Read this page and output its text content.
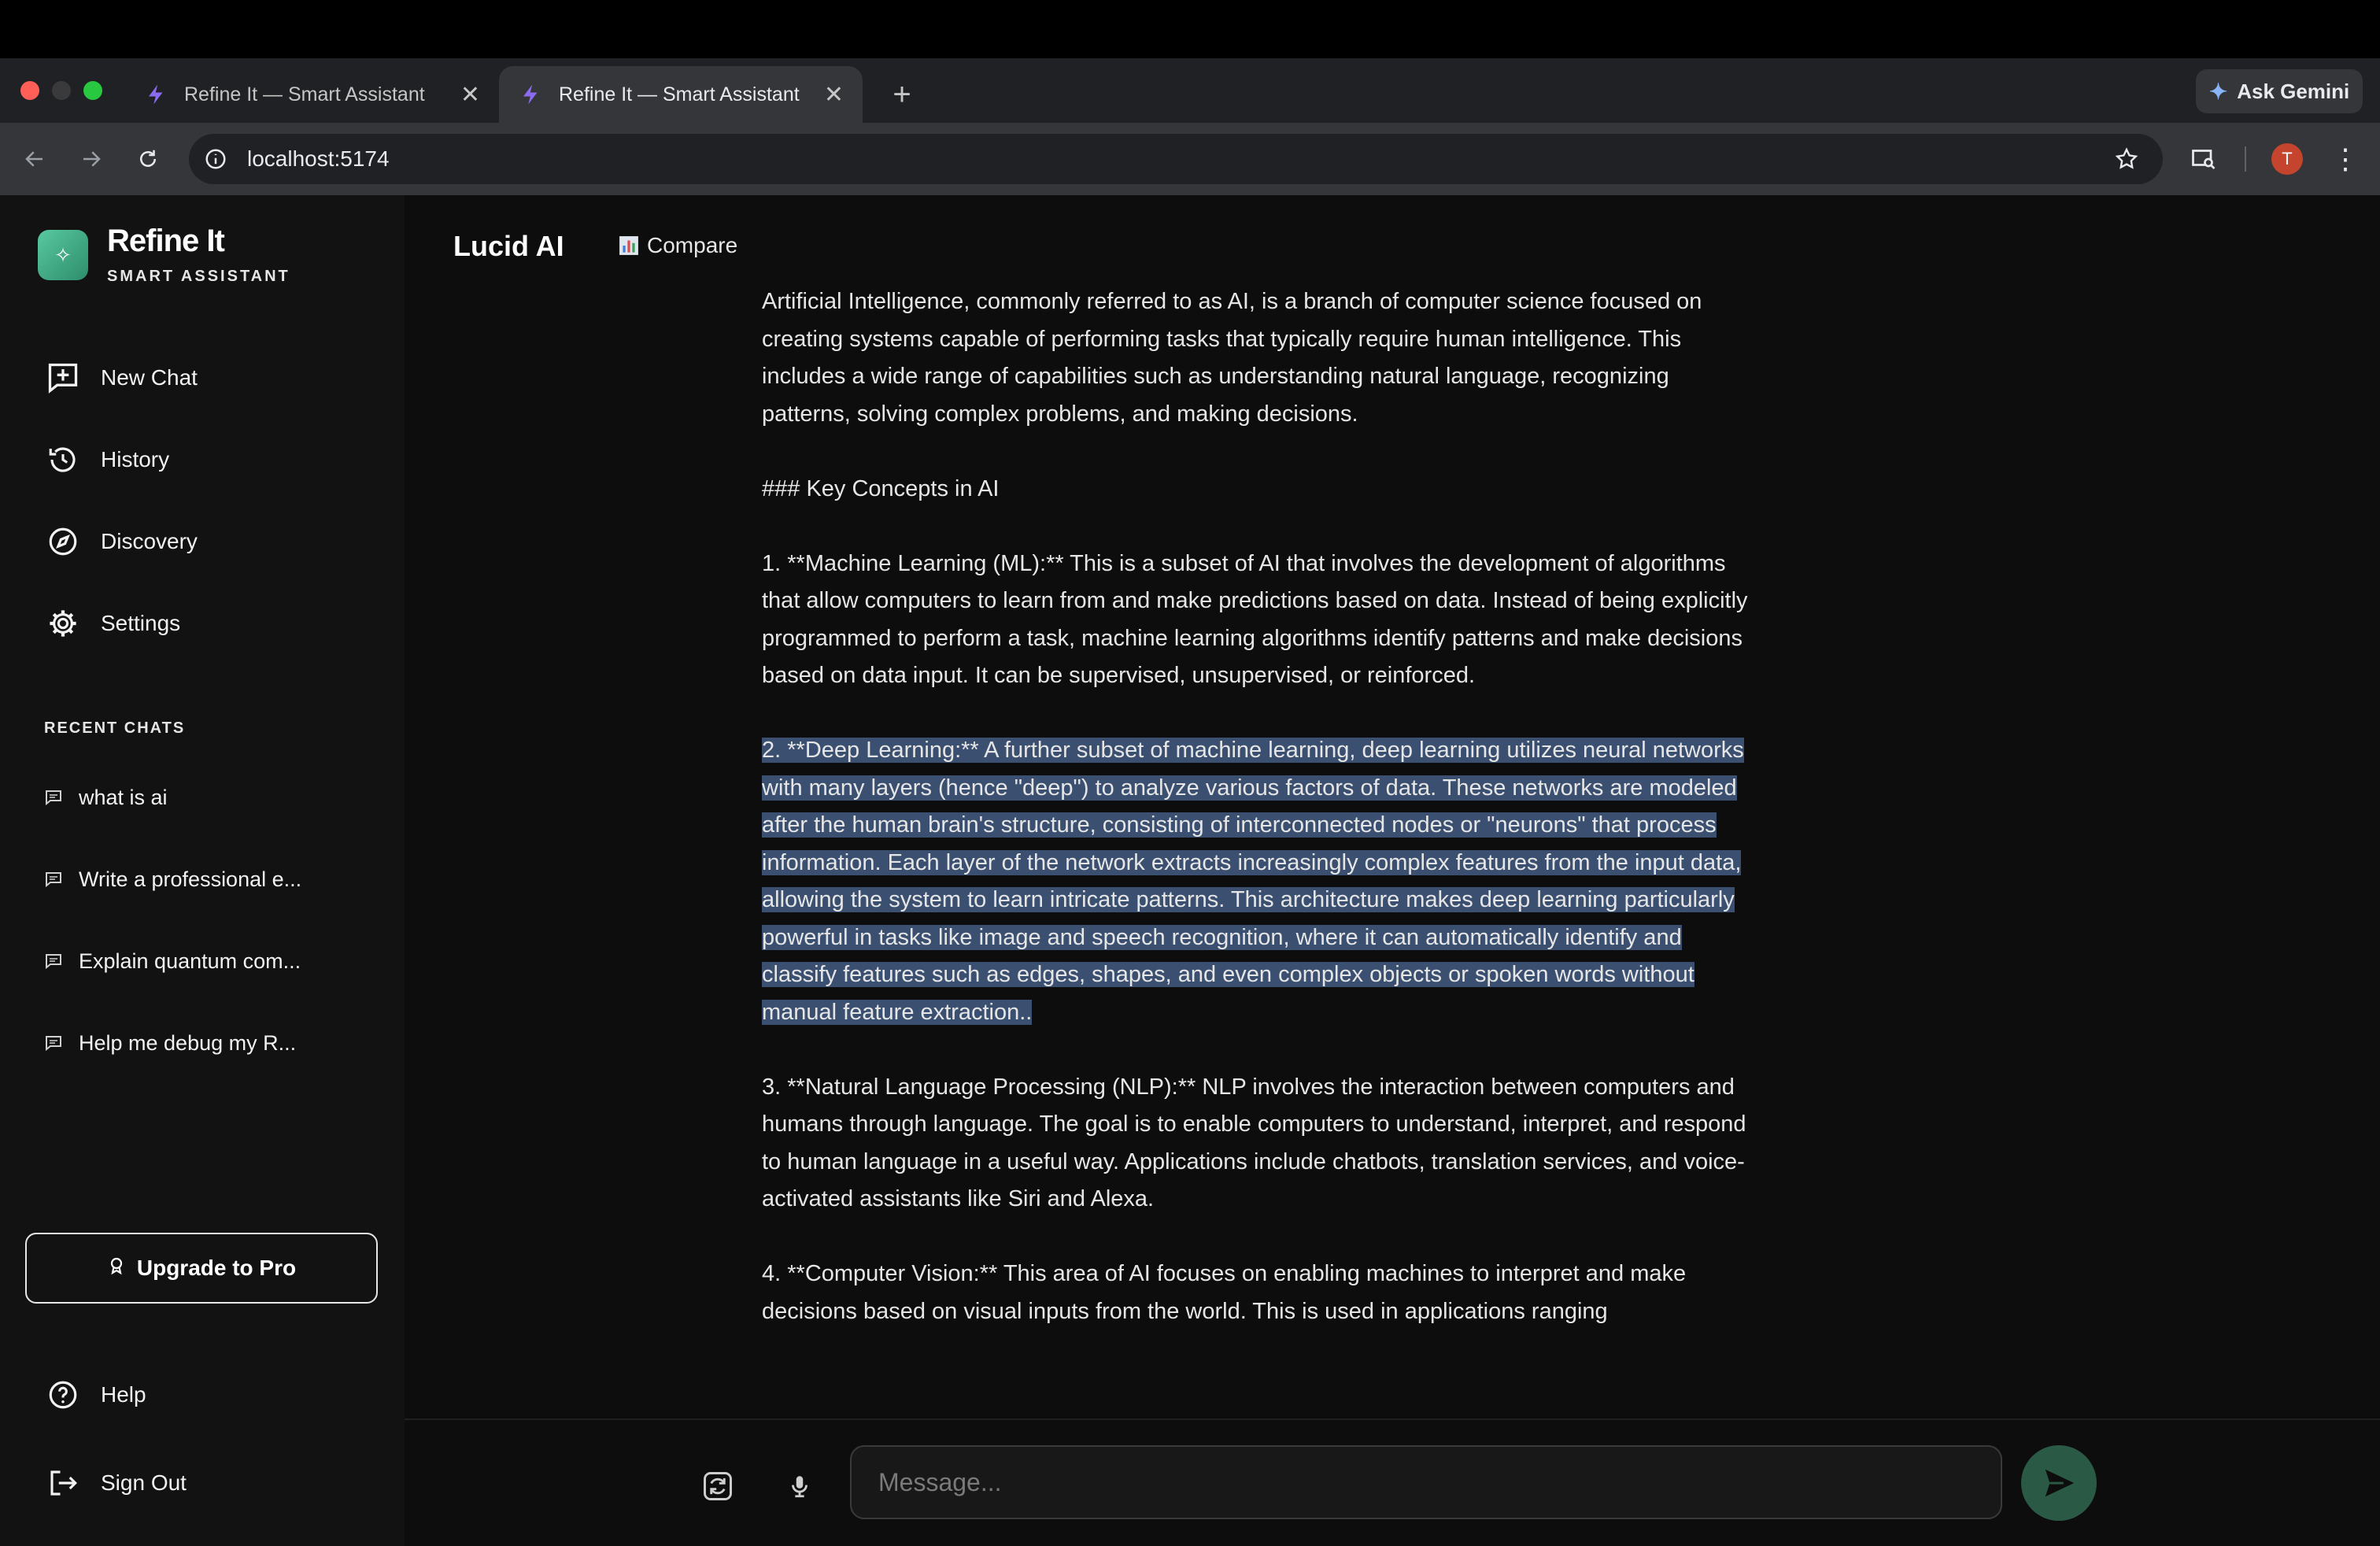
Refine It — Smart Assistant	✕	Refine It — Smart Assistant ✕	+	✦ Ask Gemini
localhost:5174	T	⋮
✧	Refine It
SMART ASSISTANT
New Chat
History
Discovery
Settings
RECENT CHATS
what is ai
Write a professional e...
Explain quantum com...
Help me debug my R...
Upgrade to Pro
Help
Sign Out
Lucid AI	Compare

Artificial Intelligence, commonly referred to as AI, is a branch of computer science focused on creating systems capable of performing tasks that typically require human intelligence. This includes a wide range of capabilities such as understanding natural language, recognizing patterns, solving complex problems, and making decisions.

### Key Concepts in AI

1. **Machine Learning (ML):** This is a subset of AI that involves the development of algorithms that allow computers to learn from and make predictions based on data. Instead of being explicitly programmed to perform a task, machine learning algorithms identify patterns and make decisions based on data input. It can be supervised, unsupervised, or reinforced.

2. **Deep Learning:** A further subset of machine learning, deep learning utilizes neural networks with many layers (hence "deep") to analyze various factors of data. These networks are modeled after the human brain's structure, consisting of interconnected nodes or "neurons" that process information. Each layer of the network extracts increasingly complex features from the input data, allowing the system to learn intricate patterns. This architecture makes deep learning particularly powerful in tasks like image and speech recognition, where it can automatically identify and classify features such as edges, shapes, and even complex objects or spoken words without manual feature extraction..

3. **Natural Language Processing (NLP):** NLP involves the interaction between computers and humans through language. The goal is to enable computers to understand, interpret, and respond to human language in a useful way. Applications include chatbots, translation services, and voice-activated assistants like Siri and Alexa.

4. **Computer Vision:** This area of AI focuses on enabling machines to interpret and make decisions based on visual inputs from the world. This is used in applications ranging

Message...
